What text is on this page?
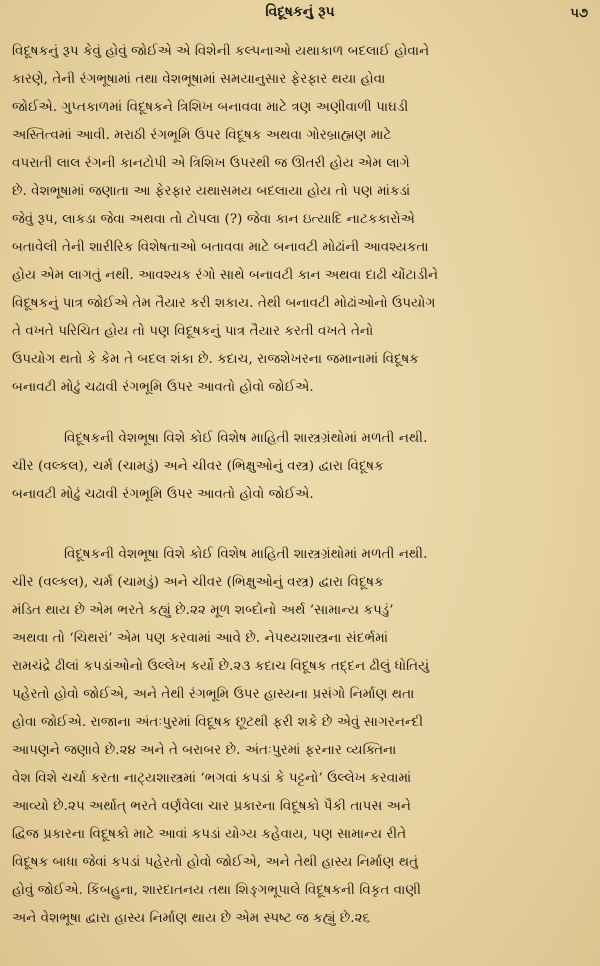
વિદૂષકનું રૂપ	૫૭
વિદૂષકનું રૂપ કેવું હોવું જોઈએ એ વિશેની કલ્પનાઓ યથાકાળ બદલાઈ હોવાને
કારણે, તેની રંગભૂષામાં તથા વેશભૂષામાં સમયાનુસાર ફેરફાર થયા હોવા
જોઈએ. ગુપ્તકાળમાં વિદૂષકને ત્રિશિખ બનાવવા માટે ત્રણ અણીવાળી પાઘડી
અસ્તિત્વમાં આવી. મરાઠી રંગભૂમિ ઉપર વિદૂષક અથવા ગોરબ્રાહ્મણ માટે
વપરાતી લાલ રંગની કાનટોપી એ ત્રિશિખ ઉપરથી જ ઊતરી હોય એમ લાગે
છે. વેશભૂષામાં જણાતા આ ફેરફાર યથાસમય બદલાયા હોય તો પણ માંકડાં
જેવું રૂપ, લાકડા જેવા અથવા તો ટોપલા (?) જેવા કાન ઇત્યાદિ નાટકકારોએ
બતાવેલી તેની શારીરિક વિશેષતાઓ બતાવવા માટે બનાવટી મોઢાંની આવશ્યકતા
હોય એમ લાગતું નથી. આવશ્યક રંગો સાથે બનાવટી કાન અથવા દાઢી ચોંટાડીને
વિદૂષકનું પાત્ર જોઈએ તેમ તૈયાર કરી શકાય. તેથી બનાવટી મોઢાંઓનો ઉપયોગ
તે વખતે પરિચિત હોય તો પણ વિદૂષકનું પાત્ર તૈયાર કરતી વખતે તેનો
ઉપયોગ થતો કે કેમ તે બદલ શંકા છે. કદાચ, રાજશેખરના જમાનામાં વિદૂષક
બનાવટી મોઢું ચઢાવી રંગભૂમિ ઉપર આવતો હોવો જોઈએ.
વિદૂષકની વેશભૂષા વિશે કોઈ વિશેષ માહિતી શાસ્ત્રગ્રંથોમાં મળતી નથી.
ચીર (વલ્કલ), ચર્મ (ચામડું) અને ચીવર (ભિક્ષુઓનું વસ્ત્ર) દ્વારા વિદૂષક
બનાવટી મોઢું ચઢાવી રંગભૂમિ ઉપર આવતો હોવો જોઈએ.
વિદૂષકની વેશભૂષા વિશે કોઈ વિશેષ માહિતી શાસ્ત્રગ્રંથોમાં મળતી નથી.
ચીર (વલ્કલ), ચર્મ (ચામડું) અને ચીવર (ભિક્ષુઓનું વસ્ત્ર) દ્વારા વિદૂષક
મંડિત થાય છે એમ ભરતે કહ્યું છે.૨૨ મૂળ શબ્દોનો અર્થ ‘સામાન્ય કપડું’
અથવા તો ‘ચિથરાં’ એમ પણ કરવામાં આવે છે. નેપથ્યશાસ્ત્રના સંદર્ભમાં
રામચંદ્રે ઢીલાં કપડાંઓનો ઉલ્લેખ કર્યો છે.૨૩ કદાચ વિદૂષક તદ્દન ઢીલું ધોતિયું
પહેરતો હોવો જોઈએ, અને તેથી રંગભૂમિ ઉપર હાસ્યના પ્રસંગો નિર્માણ થતા
હોવા જોઈએ. રાજાના અંતઃપુરમાં વિદૂષક છૂટથી ફરી શકે છે એવું સાગરનન્દી
આપણને જણાવે છે.૨૪ અને તે બરાબર છે. અંતઃપુરમાં ફરનાર વ્યક્તિના
વેશ વિશે ચર્ચા કરતા નાટ્યશાસ્ત્રમાં ‘ભગવાં કપડાં કે પટ્ટનો’ ઉલ્લેખ કરવામાં
આવ્યો છે.૨૫ અર્થાત્ ભરતે વર્ણવેલા ચાર પ્રકારના વિદૂષકો પૈકી તાપસ અને
દ્વિજ પ્રકારના વિદૂષકો માટે આવાં કપડાં યોગ્ય કહેવાય, પણ સામાન્ય રીતે
વિદૂષક બાધા જેવાં કપડાં પહેરતો હોવો જોઈએ, અને તેથી હાસ્ય નિર્માણ થતું
હોવું જોઈએ. કિંબહુના, શારદાતનય તથા શિઙ્ગભૂપાલે વિદૂષકની વિકૃત વાણી
અને વેશભૂષા દ્વારા હાસ્ય નિર્માણ થાય છે એમ સ્પષ્ટ જ કહ્યું છે.૨૬
